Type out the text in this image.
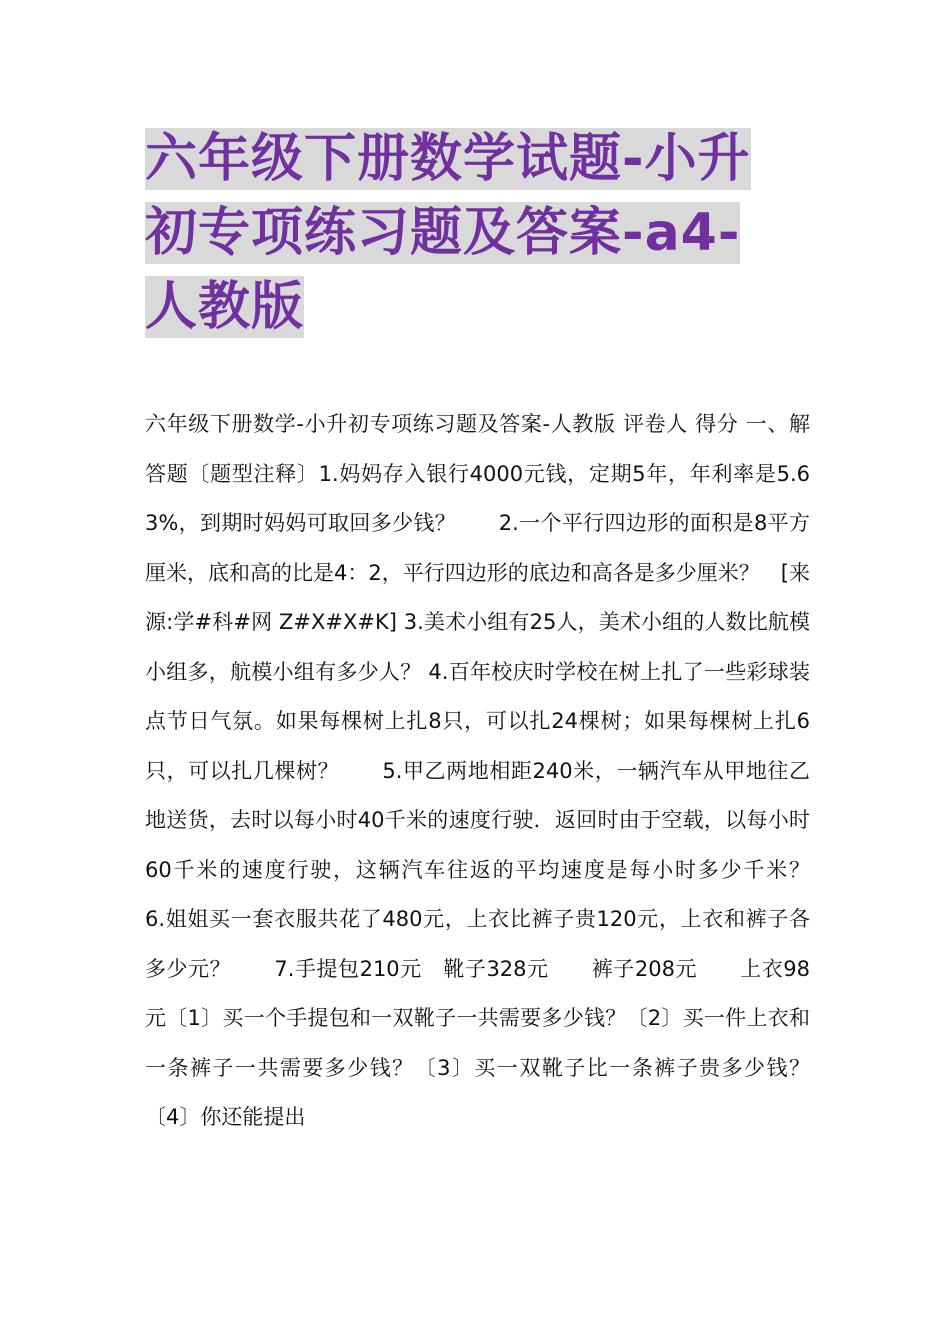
六年级下册数学试题-小升
初专项练习题及答案-a4-
人教版
六年级下册数学-小升初专项练习题及答案-人教版 评卷人 得分 一、解答题〔题型注释〕1.妈妈存入银行4000元钱，定期5年，年利率是5.63%，到期时妈妈可取回多少钱？　　2.一个平行四边形的面积是8平方厘米，底和高的比是4：2，平行四边形的底边和高各是多少厘米？　[来源:学#科#网 Z#X#X#K] 3.美术小组有25人，美术小组的人数比航模小组多，航模小组有多少人？ 4.百年校庆时学校在树上扎了一些彩球装点节日气氛。如果每棵树上扎8只，可以扎24棵树；如果每棵树上扎6只，可以扎几棵树？　　5.甲乙两地相距240米，一辆汽车从甲地往乙地送货，去时以每小时40千米的速度行驶．返回时由于空载，以每小时60千米的速度行驶，这辆汽车往返的平均速度是每小时多少千米？　　6.姐姐买一套衣服共花了480元，上衣比裤子贵120元，上衣和裤子各多少元？　　7.手提包210元　靴子328元　　裤子208元　　上衣98元〔1〕买一个手提包和一双靴子一共需要多少钱？〔2〕买一件上衣和一条裤子一共需要多少钱？〔3〕买一双靴子比一条裤子贵多少钱？〔4〕你还能提出
